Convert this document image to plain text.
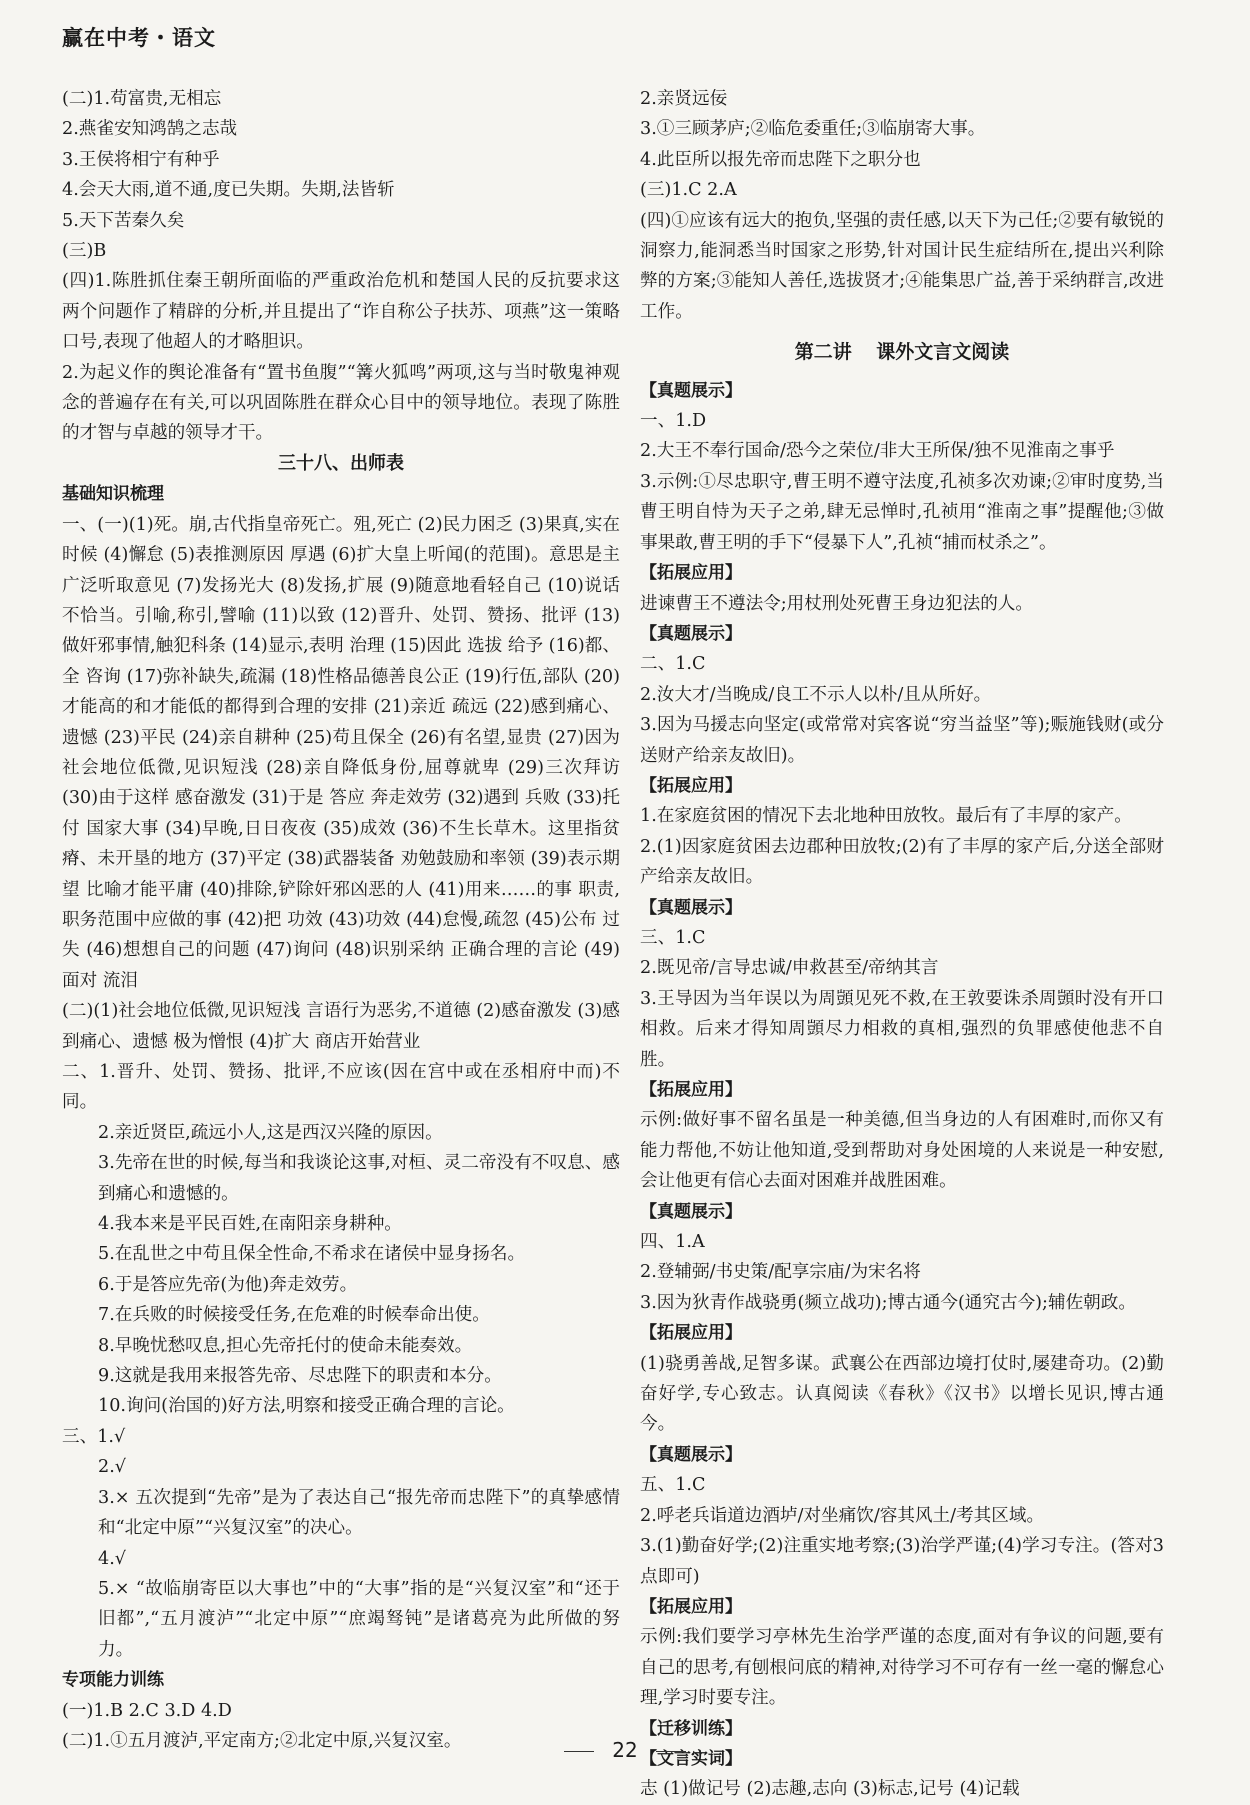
赢在中考・语文

(二)1.苟富贵,无相忘

2.燕雀安知鸿鹄之志哉

3.王侯将相宁有种乎

4.会天大雨,道不通,度已失期。失期,法皆斩

5.天下苦秦久矣

(三)B

(四)1.陈胜抓住秦王朝所面临的严重政治危机和楚国人民的反抗要求这两个问题作了精辟的分析,并且提出了“诈自称公子扶苏、项燕”这一策略口号,表现了他超人的才略胆识。

2.为起义作的舆论准备有“置书鱼腹”“篝火狐鸣”两项,这与当时敬鬼神观念的普遍存在有关,可以巩固陈胜在群众心目中的领导地位。表现了陈胜的才智与卓越的领导才干。

三十八、出师表

基础知识梳理

一、(一)(1)死。崩,古代指皇帝死亡。殂,死亡 (2)民力困乏 (3)果真,实在 时候 (4)懈怠 (5)表推测原因 厚遇 (6)扩大皇上听闻(的范围)。意思是主广泛听取意见 (7)发扬光大 (8)发扬,扩展 (9)随意地看轻自己 (10)说话不恰当。引喻,称引,譬喻 (11)以致 (12)晋升、处罚、赞扬、批评 (13)做奸邪事情,触犯科条 (14)显示,表明 治理 (15)因此 选拔 给予 (16)都、全 咨询 (17)弥补缺失,疏漏 (18)性格品德善良公正 (19)行伍,部队 (20)才能高的和才能低的都得到合理的安排 (21)亲近 疏远 (22)感到痛心、遗憾 (23)平民 (24)亲自耕种 (25)苟且保全 (26)有名望,显贵 (27)因为 社会地位低微,见识短浅 (28)亲自降低身份,屈尊就卑 (29)三次拜访 (30)由于这样 感奋激发 (31)于是 答应 奔走效劳 (32)遇到 兵败 (33)托付 国家大事 (34)早晚,日日夜夜 (35)成效 (36)不生长草木。这里指贫瘠、未开垦的地方 (37)平定 (38)武器装备 劝勉鼓励和率领 (39)表示期望 比喻才能平庸 (40)排除,铲除奸邪凶恶的人 (41)用来……的事 职责,职务范围中应做的事 (42)把 功效 (43)功效 (44)怠慢,疏忽 (45)公布 过失 (46)想想自己的问题 (47)询问 (48)识别采纳 正确合理的言论 (49)面对 流泪

(二)(1)社会地位低微,见识短浅 言语行为恶劣,不道德 (2)感奋激发 (3)感到痛心、遗憾 极为憎恨 (4)扩大 商店开始营业

二、1.晋升、处罚、赞扬、批评,不应该(因在宫中或在丞相府中而)不同。

2.亲近贤臣,疏远小人,这是西汉兴隆的原因。

3.先帝在世的时候,每当和我谈论这事,对桓、灵二帝没有不叹息、感到痛心和遗憾的。

4.我本来是平民百姓,在南阳亲身耕种。

5.在乱世之中苟且保全性命,不希求在诸侯中显身扬名。

6.于是答应先帝(为他)奔走效劳。

7.在兵败的时候接受任务,在危难的时候奉命出使。

8.早晚忧愁叹息,担心先帝托付的使命未能奏效。

9.这就是我用来报答先帝、尽忠陛下的职责和本分。

10.询问(治国的)好方法,明察和接受正确合理的言论。

三、1.√

2.√

3.× 五次提到“先帝”是为了表达自己“报先帝而忠陛下”的真挚感情和“北定中原”“兴复汉室”的决心。

4.√

5.× “故临崩寄臣以大事也”中的“大事”指的是“兴复汉室”和“还于旧都”,“五月渡泸”“北定中原”“庶竭驽钝”是诸葛亮为此所做的努力。

专项能力训练

(一)1.B 2.C 3.D 4.D

(二)1.①五月渡泸,平定南方;②北定中原,兴复汉室。

2.亲贤远佞

3.①三顾茅庐;②临危委重任;③临崩寄大事。

4.此臣所以报先帝而忠陛下之职分也

(三)1.C 2.A

(四)①应该有远大的抱负,坚强的责任感,以天下为己任;②要有敏锐的洞察力,能洞悉当时国家之形势,针对国计民生症结所在,提出兴利除弊的方案;③能知人善任,选拔贤才;④能集思广益,善于采纳群言,改进工作。

第二讲 课外文言文阅读

【真题展示】

一、1.D

2.大王不奉行国命/恐今之荣位/非大王所保/独不见淮南之事乎

3.示例:①尽忠职守,曹王明不遵守法度,孔祯多次劝谏;②审时度势,当曹王明自恃为天子之弟,肆无忌惮时,孔祯用“淮南之事”提醒他;③做事果敢,曹王明的手下“侵暴下人”,孔祯“捕而杖杀之”。

【拓展应用】

进谏曹王不遵法令;用杖刑处死曹王身边犯法的人。

【真题展示】

二、1.C

2.汝大才/当晚成/良工不示人以朴/且从所好。

3.因为马援志向坚定(或常常对宾客说“穷当益坚”等);赈施钱财(或分送财产给亲友故旧)。

【拓展应用】

1.在家庭贫困的情况下去北地种田放牧。最后有了丰厚的家产。

2.(1)因家庭贫困去边郡种田放牧;(2)有了丰厚的家产后,分送全部财产给亲友故旧。

【真题展示】

三、1.C

2.既见帝/言导忠诚/申救甚至/帝纳其言

3.王导因为当年误以为周顗见死不救,在王敦要诛杀周顗时没有开口相救。后来才得知周顗尽力相救的真相,强烈的负罪感使他悲不自胜。

【拓展应用】

示例:做好事不留名虽是一种美德,但当身边的人有困难时,而你又有能力帮他,不妨让他知道,受到帮助对身处困境的人来说是一种安慰,会让他更有信心去面对困难并战胜困难。

【真题展示】

四、1.A

2.登辅弼/书史策/配享宗庙/为宋名将

3.因为狄青作战骁勇(频立战功);博古通今(通究古今);辅佐朝政。

【拓展应用】

(1)骁勇善战,足智多谋。武襄公在西部边境打仗时,屡建奇功。(2)勤奋好学,专心致志。认真阅读《春秋》《汉书》以增长见识,博古通今。

【真题展示】

五、1.C

2.呼老兵诣道边酒垆/对坐痛饮/容其风土/考其区域。

3.(1)勤奋好学;(2)注重实地考察;(3)治学严谨;(4)学习专注。(答对3点即可)

【拓展应用】

示例:我们要学习亭林先生治学严谨的态度,面对有争议的问题,要有自己的思考,有刨根问底的精神,对待学习不可存有一丝一毫的懈怠心理,学习时要专注。

【迁移训练】

【文言实词】

志 (1)做记号 (2)志趣,志向 (3)标志,记号 (4)记载

22
